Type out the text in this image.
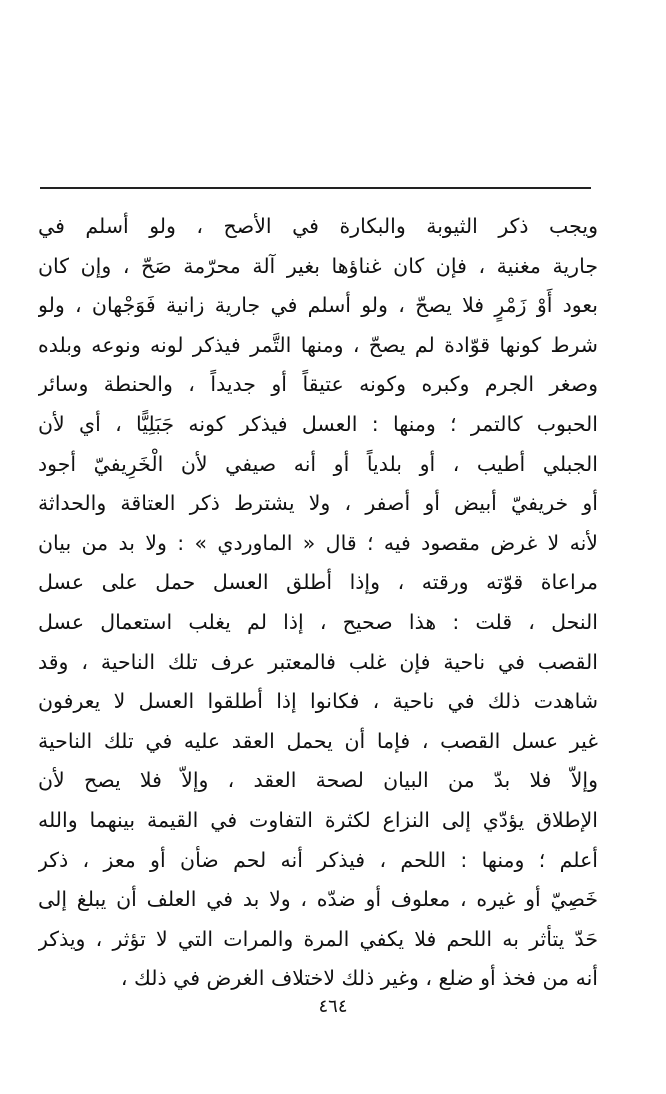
ويجب ذكر الثيوبة والبكارة في الأصح ، ولو أسلم في
جارية مغنية ، فإن كان غناؤها بغير آلة محرّمة صَحّ ، وإن كان
بعود أَوْ زَمْرٍ فلا يصحّ ، ولو أسلم في جارية زانية فَوَجْهان ، ولو
شرط كونها قوّادة لم يصحّ ، ومنها التَّمر فيذكر لونه ونوعه وبلده
وصغر الجرم وكبره وكونه عتيقاً أو جديداً ، والحنطة وسائر
الحبوب كالتمر ؛ ومنها : العسل فيذكر كونه جَبَلِيًّا ، أي لأن
الجبلي أطيب ، أو بلدياً أو أنه صيفي لأن الْخَرِيفيّ أجود
أو خريفيّ أبيض أو أصفر ، ولا يشترط ذكر العتاقة والحداثة
لأنه لا غرض مقصود فيه ؛ قال « الماوردي » : ولا بد من بيان
مراعاة قوّته ورقته ، وإذا أطلق العسل حمل على عسل
النحل ، قلت : هذا صحيح ، إذا لم يغلب استعمال عسل
القصب في ناحية فإن غلب فالمعتبر عرف تلك الناحية ، وقد
شاهدت ذلك في ناحية ، فكانوا إذا أطلقوا العسل لا يعرفون
غير عسل القصب ، فإما أن يحمل العقد عليه في تلك الناحية
وإلاّ فلا بدّ من البيان لصحة العقد ، وإلاّ فلا يصح لأن
الإطلاق يؤدّي إلى النزاع لكثرة التفاوت في القيمة بينهما والله
أعلم ؛ ومنها : اللحم ، فيذكر أنه لحم ضأن أو معز ، ذكر
خَصِيّ أو غيره ، معلوف أو ضدّه ، ولا بد في العلف أن يبلغ إلى
حَدّ يتأثر به اللحم فلا يكفي المرة والمرات التي لا تؤثر ، ويذكر
أنه من فخذ أو ضلع ، وغير ذلك لاختلاف الغرض في ذلك ،
٤٦٤
